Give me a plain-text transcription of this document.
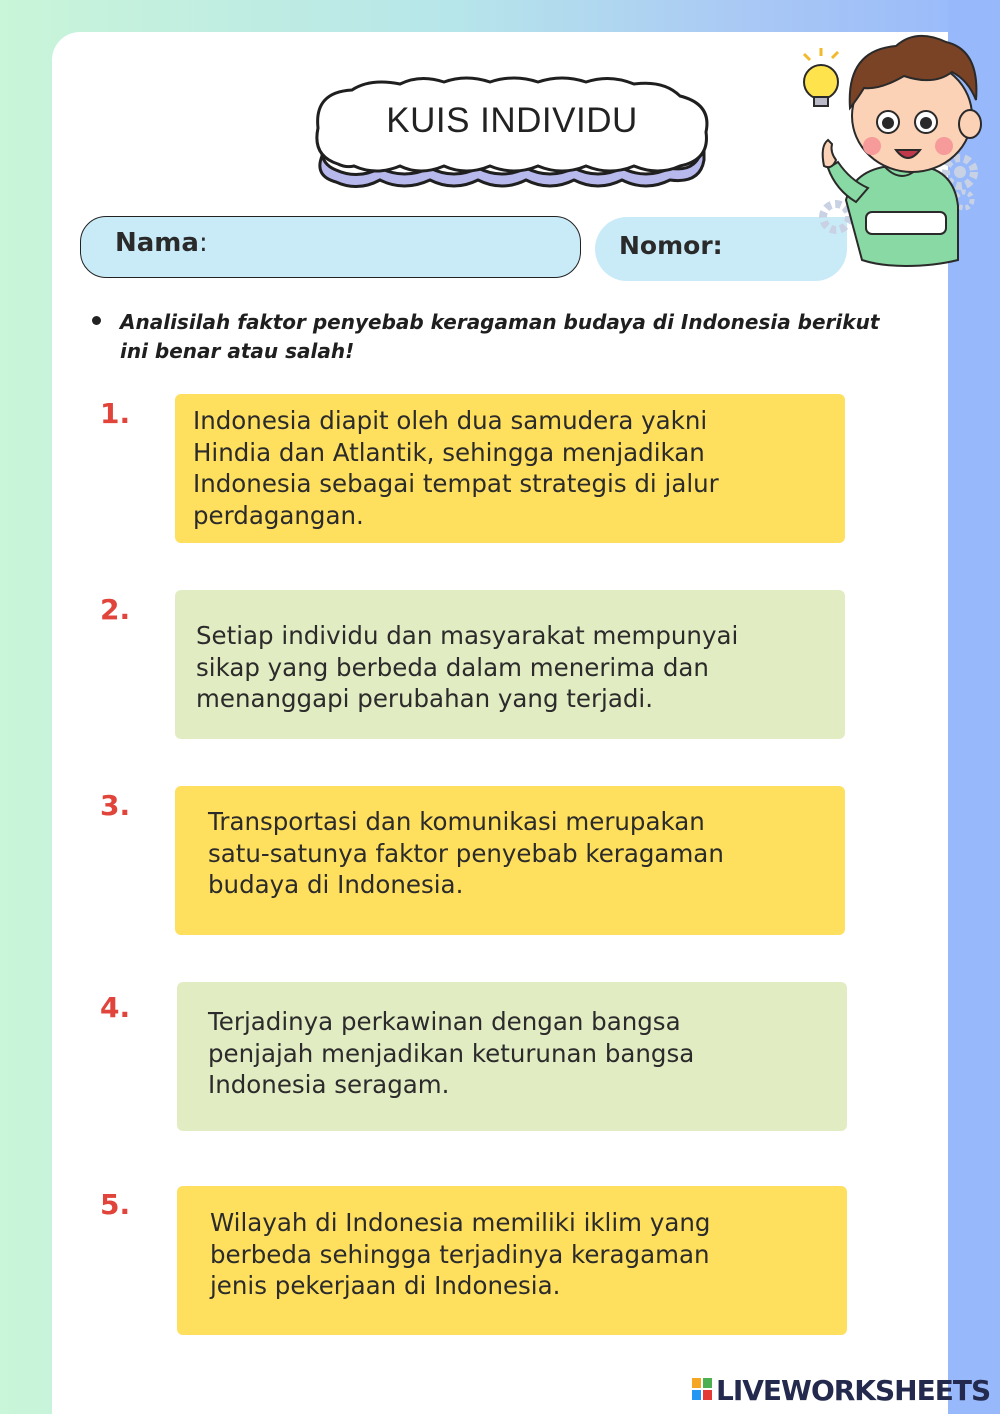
KUIS INDIVIDU
Nama:	Nomor:
Analisilah faktor penyebab keragaman budaya di Indonesia berikut ini benar atau salah!
1.	Indonesia diapit oleh dua samudera yakni
Hindia dan Atlantik, sehingga menjadikan
Indonesia sebagai tempat strategis di jalur
perdagangan.
2.
Setiap individu dan masyarakat mempunyai
sikap yang berbeda dalam menerima dan
menanggapi perubahan yang terjadi.
3.	Transportasi dan komunikasi merupakan
satu-satunya faktor penyebab keragaman
budaya di Indonesia.
4.	Terjadinya perkawinan dengan bangsa
penjajah menjadikan keturunan bangsa
Indonesia seragam.
5.
Wilayah di Indonesia memiliki iklim yang
berbeda sehingga terjadinya keragaman
jenis pekerjaan di Indonesia.
LIVEWORKSHEETS
